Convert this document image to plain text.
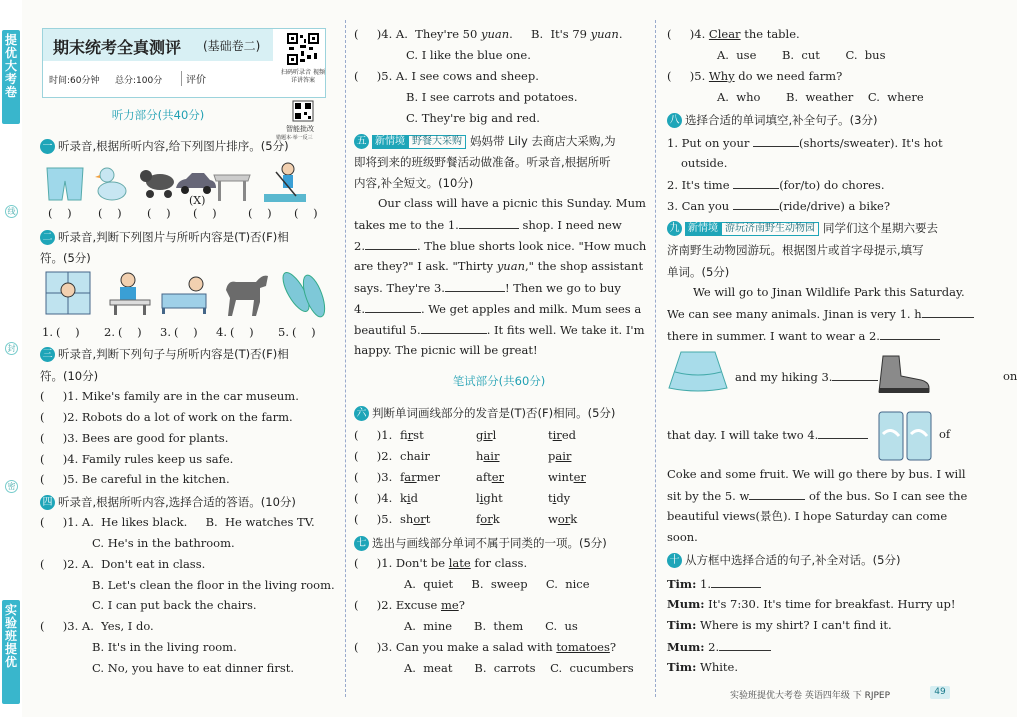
提优大考卷
线
封
密
实验班提优
期末统考全真测评 (基础卷二)
时间:60分钟 总分:100分	评价
扫码听录音 视频详讲答案
智能批改
错题本·举一反三
听力部分(共40分)
一 听录音,根据所听内容,给下列图片排序。(5分)
(    ) (    ) (    )
(X)
(    )	(    ) (    )
二 听录音,判断下列图片与所听内容是(T)否(F)相
符。(5分)
1. (    ) 2. (    ) 3. (    ) 4. (    ) 5. (    )
三 听录音,判断下列句子与所听内容是(T)否(F)相
符。(10分)
(     )1. Mike's family are in the car museum.
(     )2. Robots do a lot of work on the farm.
(     )3. Bees are good for plants.
(     )4. Family rules keep us safe.
(     )5. Be careful in the kitchen.
四 听录音,根据所听内容,选择合适的答语。(10分)
(     )1. A.  He likes black.     B.  He watches TV.
C. He's in the bathroom.
(     )2. A.  Don't eat in class.
B. Let's clean the floor in the living room.
C. I can put back the chairs.
(     )3. A.  Yes, I do.
B. It's in the living room.
C. No, you have to eat dinner first.
(     )4. A.  They're 50 yuan.     B.  It's 79 yuan.
C. I like the blue one.
(     )5. A. I see cows and sheep.
B. I see carrots and potatoes.
C. They're big and red.
五 新情境 野餐大采购 妈妈带 Lily 去商店大采购,为
即将到来的班级野餐活动做准备。听录音,根据所听
内容,补全短文。(10分)
Our class will have a picnic this Sunday. Mum
takes me to the 1.	shop. I need new
2.	. The blue shorts look nice. "How much
are they?" I ask. "Thirty yuan," the shop assistant
says. They're 3.	! Then we go to buy
4.	. We get apples and milk. Mum sees a
beautiful 5.	. It fits well. We take it. I'm
happy. The picnic will be great!
笔试部分(共60分)
六 判断单词画线部分的发音是(T)否(F)相同。(5分)
(     )1. first	girl	tired
(     )2. chair	hair	pair
(     )3. farmer	after	winter
(     )4. kid	light	tidy
(     )5. short	fork	work
七 选出与画线部分单词不属于同类的一项。(5分)
(     )1. Don't be late for class.
A.  quiet     B.  sweep     C.  nice
(     )2. Excuse me?
A.  mine      B.  them      C.  us
(     )3. Can you make a salad with tomatoes?
A.  meat      B.  carrots    C.  cucumbers
(     )4. Clear the table.
A.  use       B.  cut       C.  bus
(     )5. Why do we need farm?
A.  who       B.  weather    C.  where
八 选择合适的单词填空,补全句子。(3分)
1. Put on your	(shorts/sweater). It's hot
outside.
2. It's time	(for/to) do chores.
3. Can you	(ride/drive) a bike?
九 新情境 游玩济南野生动物园 同学们这个星期六要去
济南野生动物园游玩。根据图片或首字母提示,填写
单词。(5分)
We will go to Jinan Wildlife Park this Saturday.
We can see many animals. Jinan is very 1. h
there in summer. I want to wear a 2.
and my hiking 3.	on
that day. I will take two 4.	of
Coke and some fruit. We will go there by bus. I will
sit by the 5. w	of the bus. So I can see the
beautiful views(景色). I hope Saturday can come
soon.
十 从方框中选择合适的句子,补全对话。(5分)
Tim: 1.
Mum: It's 7:30. It's time for breakfast. Hurry up!
Tim: Where is my shirt? I can't find it.
Mum: 2.
Tim: White.
实验班提优大考卷 英语四年级 下 RJPEP	49
